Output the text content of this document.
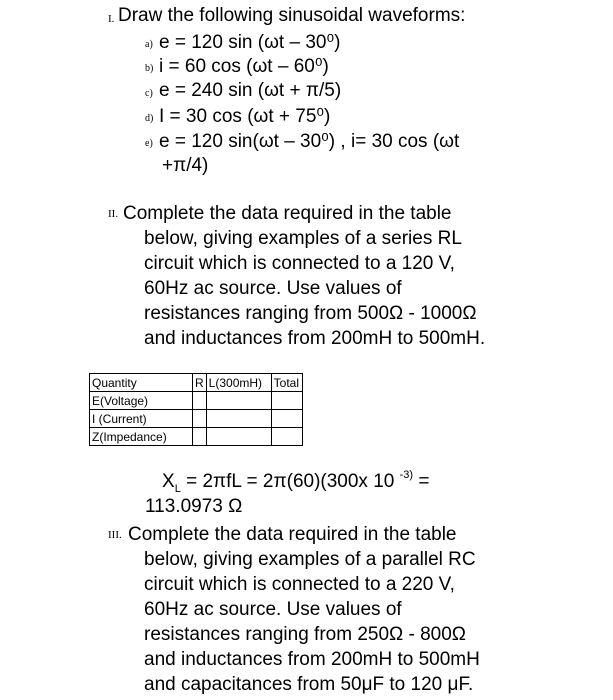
I. Draw the following sinusoidal waveforms:
a) e = 120 sin (ωt – 30⁰)
b) i = 60 cos (ωt – 60⁰)
c) e = 240 sin (ωt + π/5)
d) I = 30 cos (ωt + 75⁰)
e) e = 120 sin(ωt – 30⁰) , i= 30 cos (ωt
+π/4)
II. Complete the data required in the table
below, giving examples of a series RL
circuit which is connected to a 120 V,
60Hz ac source. Use values of
resistances ranging from 500Ω - 1000Ω
and inductances from 200mH to 500mH.
Quantity	R	L(300mH)	Total
E(Voltage)			
I (Current)			
Z(Impedance)			
$X_L = 2\pi fL = 2\pi(60)(300x$ 10 $^{-3)}$ =
113.0973 Ω
III. Complete the data required in the table
below, giving examples of a parallel RC
circuit which is connected to a 220 V,
60Hz ac source. Use values of
resistances ranging from 250Ω - 800Ω
and inductances from 200mH to 500mH
and capacitances from 50μF to 120 μF.
